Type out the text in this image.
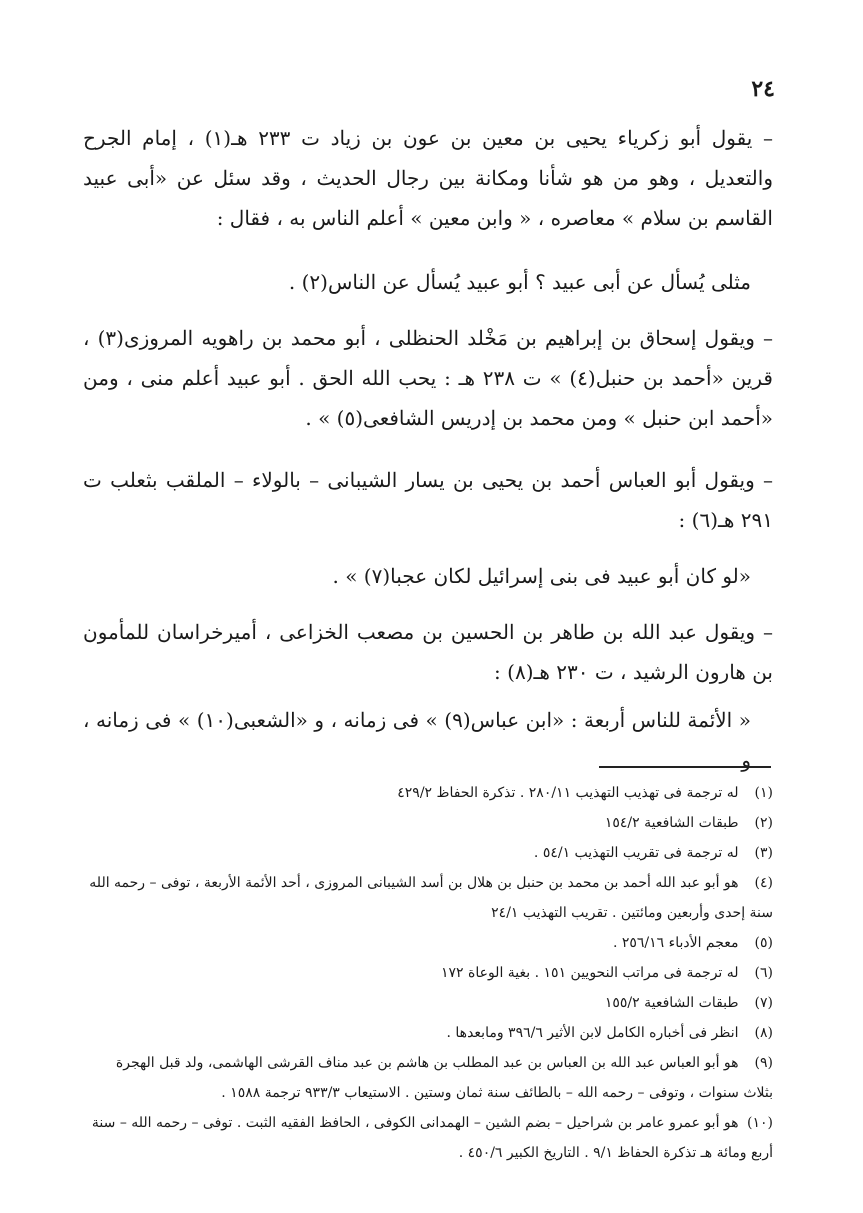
٢٤
– يقول أبو زكرياء يحيى بن معين بن عون بن زياد ت ٢٣٣ هـ(١) ، إمام الجرح والتعديل ، وهو من هو شأنا ومكانة بين رجال الحديث ، وقد سئل عن «أبى عبيد القاسم بن سلام » معاصره ، « وابن معين » أعلم الناس به ، فقال :
مثلى يُسأل عن أبى عبيد ؟ أبو عبيد يُسأل عن الناس(٢) .
– ويقول إسحاق بن إبراهيم بن مَخْلد الحنظلى ، أبو محمد بن راهويه المروزى(٣) ، قرين «أحمد بن حنبل(٤) » ت ٢٣٨ هـ : يحب الله الحق . أبو عبيد أعلم منى ، ومن «أحمد ابن حنبل » ومن محمد بن إدريس الشافعى(٥) » .
– ويقول أبو العباس أحمد بن يحيى بن يسار الشيبانى – بالولاء – الملقب بثعلب ت ٢٩١ هـ(٦) :
«لو كان أبو عبيد فى بنى إسرائيل لكان عجبا(٧) » .
– ويقول عبد الله بن طاهر بن الحسين بن مصعب الخزاعى ، أميرخراسان للمأمون بن هارون الرشيد ، ت ٢٣٠ هـ(٨) :
« الأئمة للناس أربعة : «ابن عباس(٩) » فى زمانه ، و «الشعبى(١٠) » فى زمانه ، و

(١) له ترجمة فى تهذيب التهذيب ٢٨٠/١١ . تذكرة الحفاظ ٤٢٩/٢

(٢) طبقات الشافعية ١٥٤/٢

(٣) له ترجمة فى تقريب التهذيب ٥٤/١ .

(٤) هو أبو عبد الله أحمد بن محمد بن حنبل بن هلال بن أسد الشيبانى المروزى ، أحد الأئمة الأربعة ، توفى – رحمه الله سنة إحدى وأربعين ومائتين . تقريب التهذيب ٢٤/١

(٥) معجم الأدباء ٢٥٦/١٦ .

(٦) له ترجمة فى مراتب النحويين ١٥١ . بغية الوعاة ١٧٢

(٧) طبقات الشافعية ١٥٥/٢

(٨) انظر فى أخباره الكامل لابن الأثير ٣٩٦/٦ ومابعدها .

(٩) هو أبو العباس عبد الله بن العباس بن عبد المطلب بن هاشم بن عبد مناف القرشى الهاشمى، ولد قبل الهجرة بثلاث سنوات ، وتوفى – رحمه الله – بالطائف سنة ثمان وستين . الاستيعاب ٩٣٣/٣ ترجمة ١٥٨٨ .

(١٠) هو أبو عمرو عامر بن شراحيل – بضم الشين – الهمدانى الكوفى ، الحافظ الفقيه الثبت . توفى – رحمه الله – سنة أربع ومائة هـ تذكرة الحفاظ ٩/١ . التاريخ الكبير ٤٥٠/٦ .
